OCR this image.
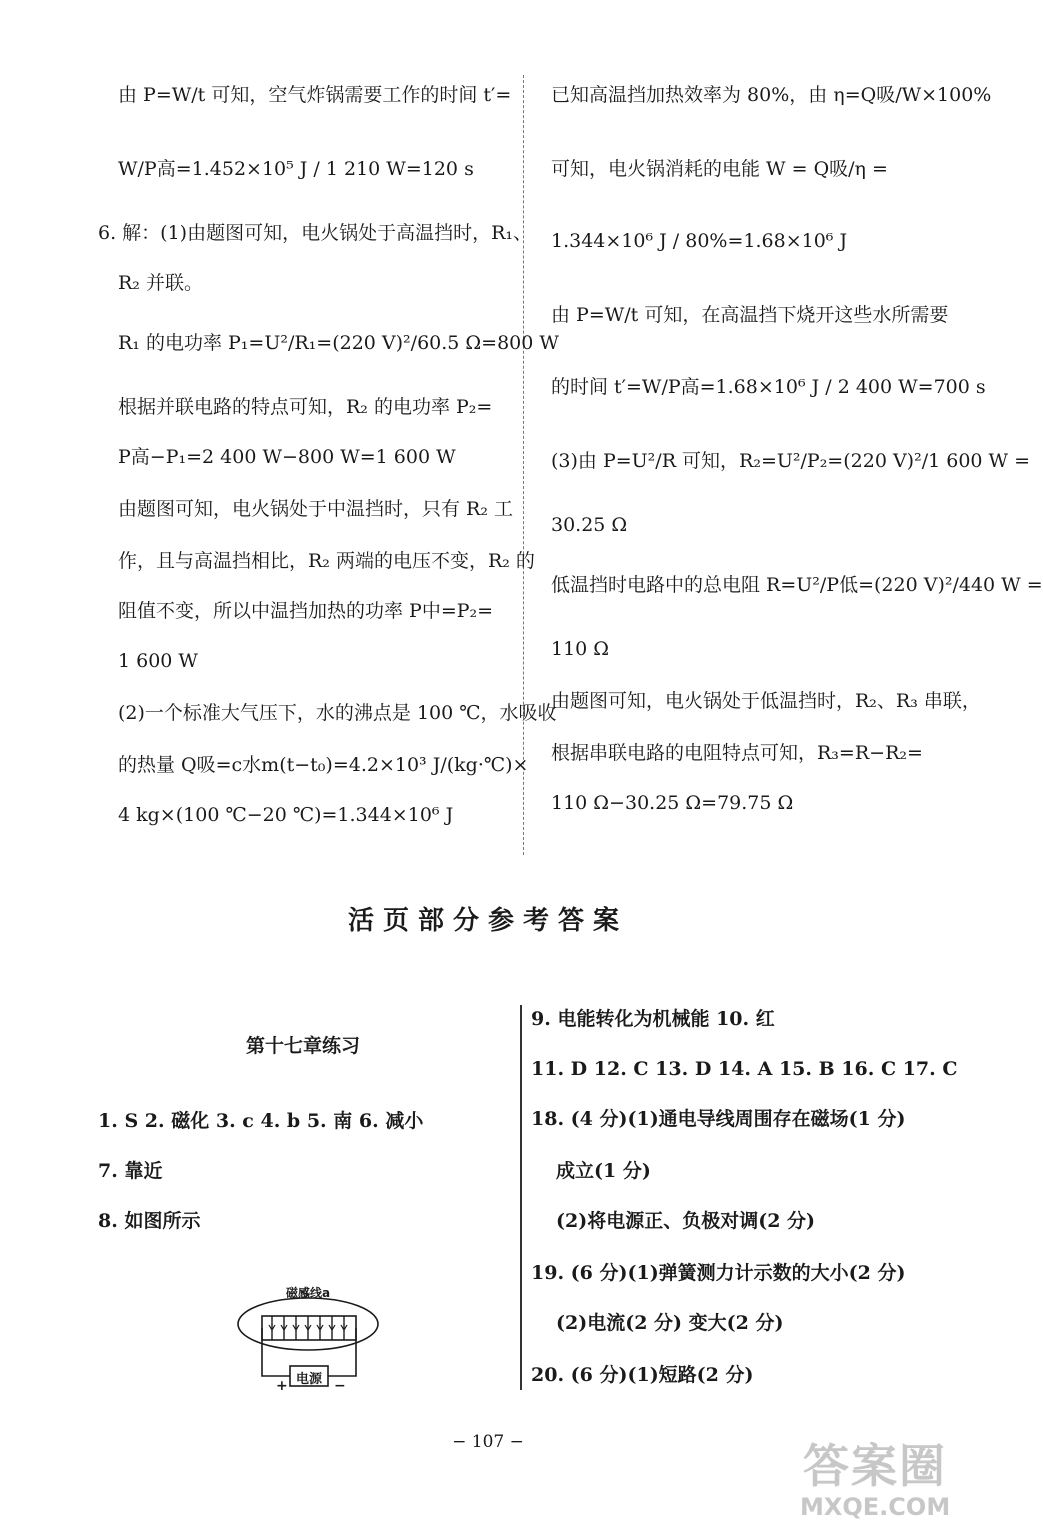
由 P=W/t 可知，空气炸锅需要工作的时间 t′=
W/P高=1.452×10⁵ J / 1 210 W=120 s
6. 解：(1)由题图可知，电火锅处于高温挡时，R₁、
R₂ 并联。
R₁ 的电功率 P₁=U²/R₁=(220 V)²/60.5 Ω=800 W
根据并联电路的特点可知，R₂ 的电功率 P₂=
P高−P₁=2 400 W−800 W=1 600 W
由题图可知，电火锅处于中温挡时，只有 R₂ 工
作，且与高温挡相比，R₂ 两端的电压不变，R₂ 的
阻值不变，所以中温挡加热的功率 P中=P₂=
1 600 W
(2)一个标准大气压下，水的沸点是 100 ℃，水吸收
的热量 Q吸=c水m(t−t₀)=4.2×10³ J/(kg·℃)×
4 kg×(100 ℃−20 ℃)=1.344×10⁶ J
已知高温挡加热效率为 80%，由 η=Q吸/W×100%
可知，电火锅消耗的电能 W = Q吸/η =
1.344×10⁶ J / 80%=1.68×10⁶ J
由 P=W/t 可知，在高温挡下烧开这些水所需要
的时间 t′=W/P高=1.68×10⁶ J / 2 400 W=700 s
(3)由 P=U²/R 可知，R₂=U²/P₂=(220 V)²/1 600 W =
30.25 Ω
低温挡时电路中的总电阻 R=U²/P低=(220 V)²/440 W =
110 Ω
由题图可知，电火锅处于低温挡时，R₂、R₃ 串联，
根据串联电路的电阻特点可知，R₃=R−R₂=
110 Ω−30.25 Ω=79.75 Ω
活页部分参考答案
第十七章练习
1. S 2. 磁化 3. c 4. b 5. 南 6. 减小
7. 靠近
8. 如图所示
磁感线a
电源
+	−
9. 电能转化为机械能 10. 红
11. D 12. C 13. D 14. A 15. B 16. C 17. C
18. (4 分)(1)通电导线周围存在磁场(1 分)
成立(1 分)
(2)将电源正、负极对调(2 分)
19. (6 分)(1)弹簧测力计示数的大小(2 分)
(2)电流(2 分) 变大(2 分)
20. (6 分)(1)短路(2 分)
− 107 −	答案圈
MXQE.COM
